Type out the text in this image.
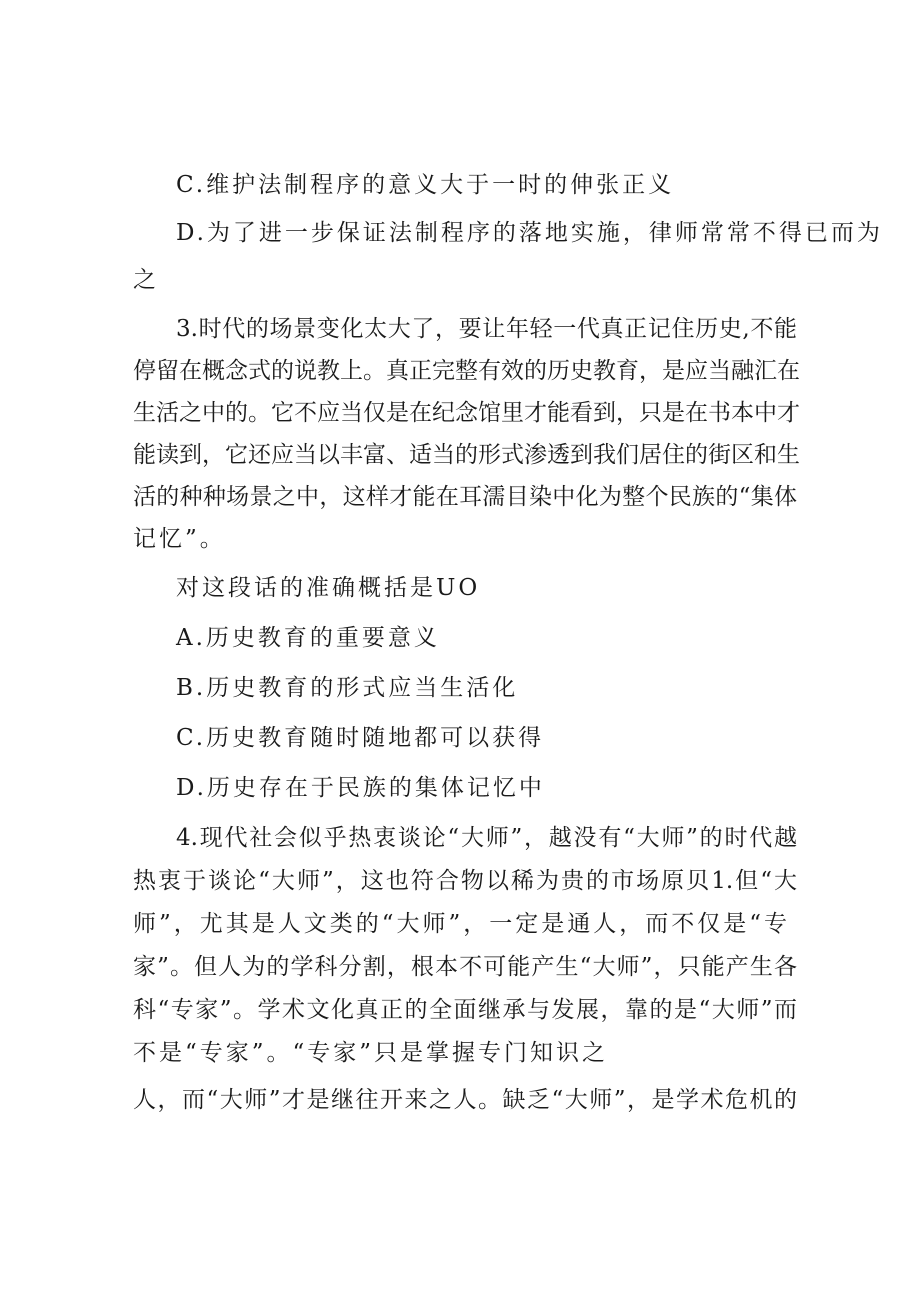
C.维护法制程序的意义大于一时的伸张正义
D.为了进一步保证法制程序的落地实施，律师常常不得已而为
之
3.时代的场景变化太大了，要让年轻一代真正记住历史,不能
停留在概念式的说教上。真正完整有效的历史教育，是应当融汇在
生活之中的。它不应当仅是在纪念馆里才能看到，只是在书本中才
能读到，它还应当以丰富、适当的形式渗透到我们居住的街区和生
活的种种场景之中，这样才能在耳濡目染中化为整个民族的“集体
记忆”。
对这段话的准确概括是UO
A.历史教育的重要意义
B.历史教育的形式应当生活化
C.历史教育随时随地都可以获得
D.历史存在于民族的集体记忆中
4.现代社会似乎热衷谈论“大师”，越没有“大师”的时代越
热衷于谈论“大师”，这也符合物以稀为贵的市场原贝1.但“大
师”，尤其是人文类的“大师”，一定是通人，而不仅是“专
家”。但人为的学科分割，根本不可能产生“大师”，只能产生各
科“专家”。学术文化真正的全面继承与发展，靠的是“大师”而
不是“专家”。“专家”只是掌握专门知识之
人，而“大师”才是继往开来之人。缺乏“大师”，是学术危机的
